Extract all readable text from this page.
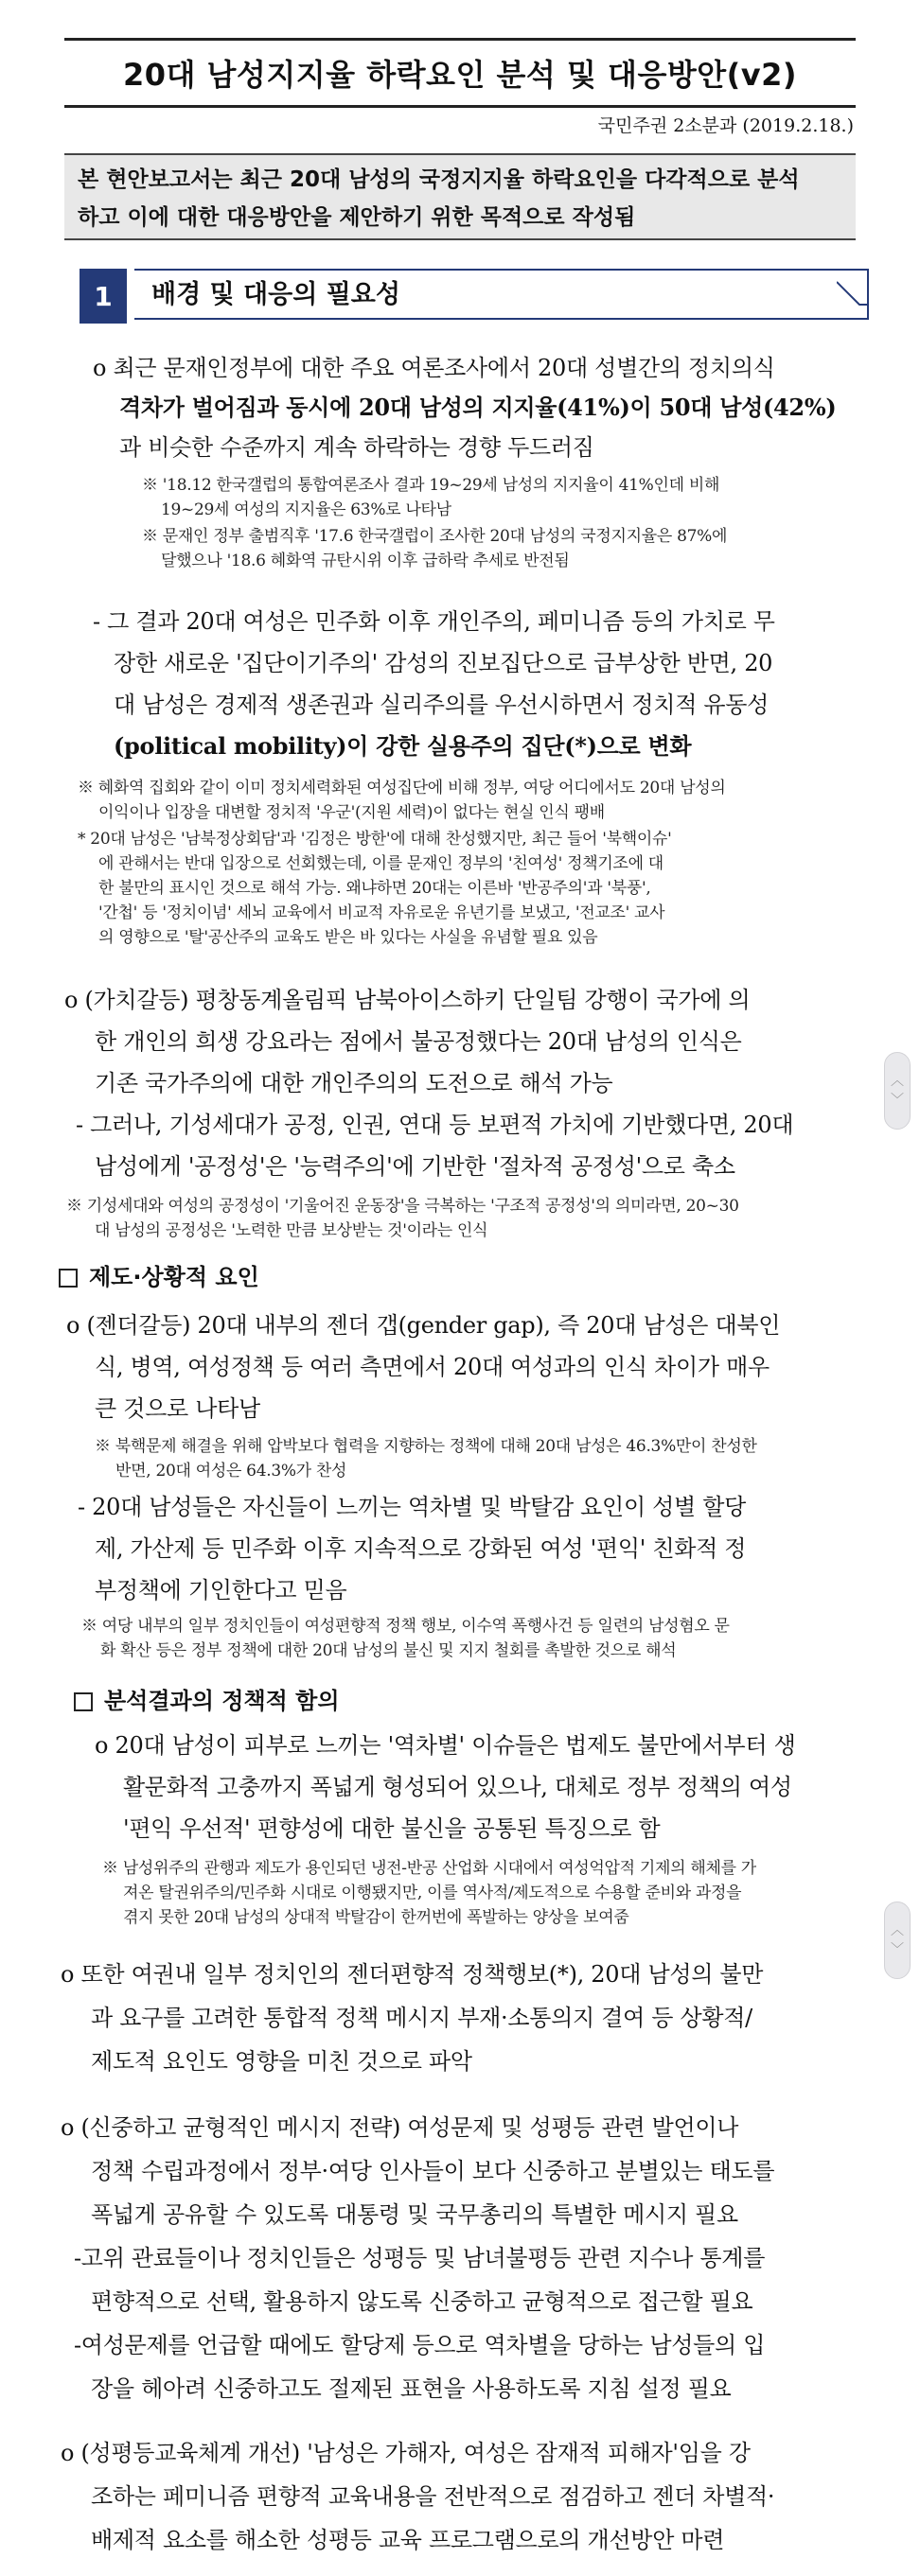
20대 남성지지율 하락요인 분석 및 대응방안(v2)
국민주권 2소분과 (2019.2.18.)
본 현안보고서는 최근 20대 남성의 국정지지율 하락요인을 다각적으로 분석
하고 이에 대한 대응방안을 제안하기 위한 목적으로 작성됨
1	배경 및 대응의 필요성
o 최근 문재인정부에 대한 주요 여론조사에서 20대 성별간의 정치의식
격차가 벌어짐과 동시에 20대 남성의 지지율(41%)이 50대 남성(42%)
과 비슷한 수준까지 계속 하락하는 경향 두드러짐
※ '18.12 한국갤럽의 통합여론조사 결과 19~29세 남성의 지지율이 41%인데 비해
19~29세 여성의 지지율은 63%로 나타남
※ 문재인 정부 출범직후 '17.6 한국갤럽이 조사한 20대 남성의 국정지지율은 87%에
달했으나 '18.6 혜화역 규탄시위 이후 급하락 추세로 반전됨
- 그 결과 20대 여성은 민주화 이후 개인주의, 페미니즘 등의 가치로 무
장한 새로운 '집단이기주의' 감성의 진보집단으로 급부상한 반면, 20
대 남성은 경제적 생존권과 실리주의를 우선시하면서 정치적 유동성
(political mobility)이 강한 실용주의 집단(*)으로 변화
※ 혜화역 집회와 같이 이미 정치세력화된 여성집단에 비해 정부, 여당 어디에서도 20대 남성의
이익이나 입장을 대변할 정치적 '우군'(지원 세력)이 없다는 현실 인식 팽배
* 20대 남성은 '남북정상회담'과 '김정은 방한'에 대해 찬성했지만, 최근 들어 '북핵이슈'
에 관해서는 반대 입장으로 선회했는데, 이를 문재인 정부의 '친여성' 정책기조에 대
한 불만의 표시인 것으로 해석 가능. 왜냐하면 20대는 이른바 '반공주의'과 '북풍',
'간첩' 등 '정치이념' 세뇌 교육에서 비교적 자유로운 유년기를 보냈고, '전교조' 교사
의 영향으로 '탈'공산주의 교육도 받은 바 있다는 사실을 유념할 필요 있음
o (가치갈등) 평창동계올림픽 남북아이스하키 단일팀 강행이 국가에 의
한 개인의 희생 강요라는 점에서 불공정했다는 20대 남성의 인식은
기존 국가주의에 대한 개인주의의 도전으로 해석 가능
- 그러나, 기성세대가 공정, 인권, 연대 등 보편적 가치에 기반했다면, 20대
남성에게 '공정성'은 '능력주의'에 기반한 '절차적 공정성'으로 축소
※ 기성세대와 여성의 공정성이 '기울어진 운동장'을 극복하는 '구조적 공정성'의 의미라면, 20~30
대 남성의 공정성은 '노력한 만큼 보상받는 것'이라는 인식
제도·상황적 요인
o (젠더갈등) 20대 내부의 젠더 갭(gender gap), 즉 20대 남성은 대북인
식, 병역, 여성정책 등 여러 측면에서 20대 여성과의 인식 차이가 매우
큰 것으로 나타남
※ 북핵문제 해결을 위해 압박보다 협력을 지향하는 정책에 대해 20대 남성은 46.3%만이 찬성한
반면, 20대 여성은 64.3%가 찬성
- 20대 남성들은 자신들이 느끼는 역차별 및 박탈감 요인이 성별 할당
제, 가산제 등 민주화 이후 지속적으로 강화된 여성 '편익' 친화적 정
부정책에 기인한다고 믿음
※ 여당 내부의 일부 정치인들이 여성편향적 정책 행보, 이수역 폭행사건 등 일련의 남성혐오 문
화 확산 등은 정부 정책에 대한 20대 남성의 불신 및 지지 철회를 촉발한 것으로 해석
분석결과의 정책적 함의
o 20대 남성이 피부로 느끼는 '역차별' 이슈들은 법제도 불만에서부터 생
활문화적 고충까지 폭넓게 형성되어 있으나, 대체로 정부 정책의 여성
'편익 우선적' 편향성에 대한 불신을 공통된 특징으로 함
※ 남성위주의 관행과 제도가 용인되던 냉전-반공 산업화 시대에서 여성억압적 기제의 해체를 가
져온 탈권위주의/민주화 시대로 이행됐지만, 이를 역사적/제도적으로 수용할 준비와 과정을
겪지 못한 20대 남성의 상대적 박탈감이 한꺼번에 폭발하는 양상을 보여줌
o 또한 여권내 일부 정치인의 젠더편향적 정책행보(*), 20대 남성의 불만
과 요구를 고려한 통합적 정책 메시지 부재·소통의지 결여 등 상황적/
제도적 요인도 영향을 미친 것으로 파악
o (신중하고 균형적인 메시지 전략) 여성문제 및 성평등 관련 발언이나
정책 수립과정에서 정부·여당 인사들이 보다 신중하고 분별있는 태도를
폭넓게 공유할 수 있도록 대통령 및 국무총리의 특별한 메시지 필요
-고위 관료들이나 정치인들은 성평등 및 남녀불평등 관련 지수나 통계를
편향적으로 선택, 활용하지 않도록 신중하고 균형적으로 접근할 필요
-여성문제를 언급할 때에도 할당제 등으로 역차별을 당하는 남성들의 입
장을 헤아려 신중하고도 절제된 표현을 사용하도록 지침 설정 필요
o (성평등교육체계 개선) '남성은 가해자, 여성은 잠재적 피해자'임을 강
조하는 페미니즘 편향적 교육내용을 전반적으로 점검하고 젠더 차별적·
배제적 요소를 해소한 성평등 교육 프로그램으로의 개선방안 마련
︿
﹀
︿
﹀
